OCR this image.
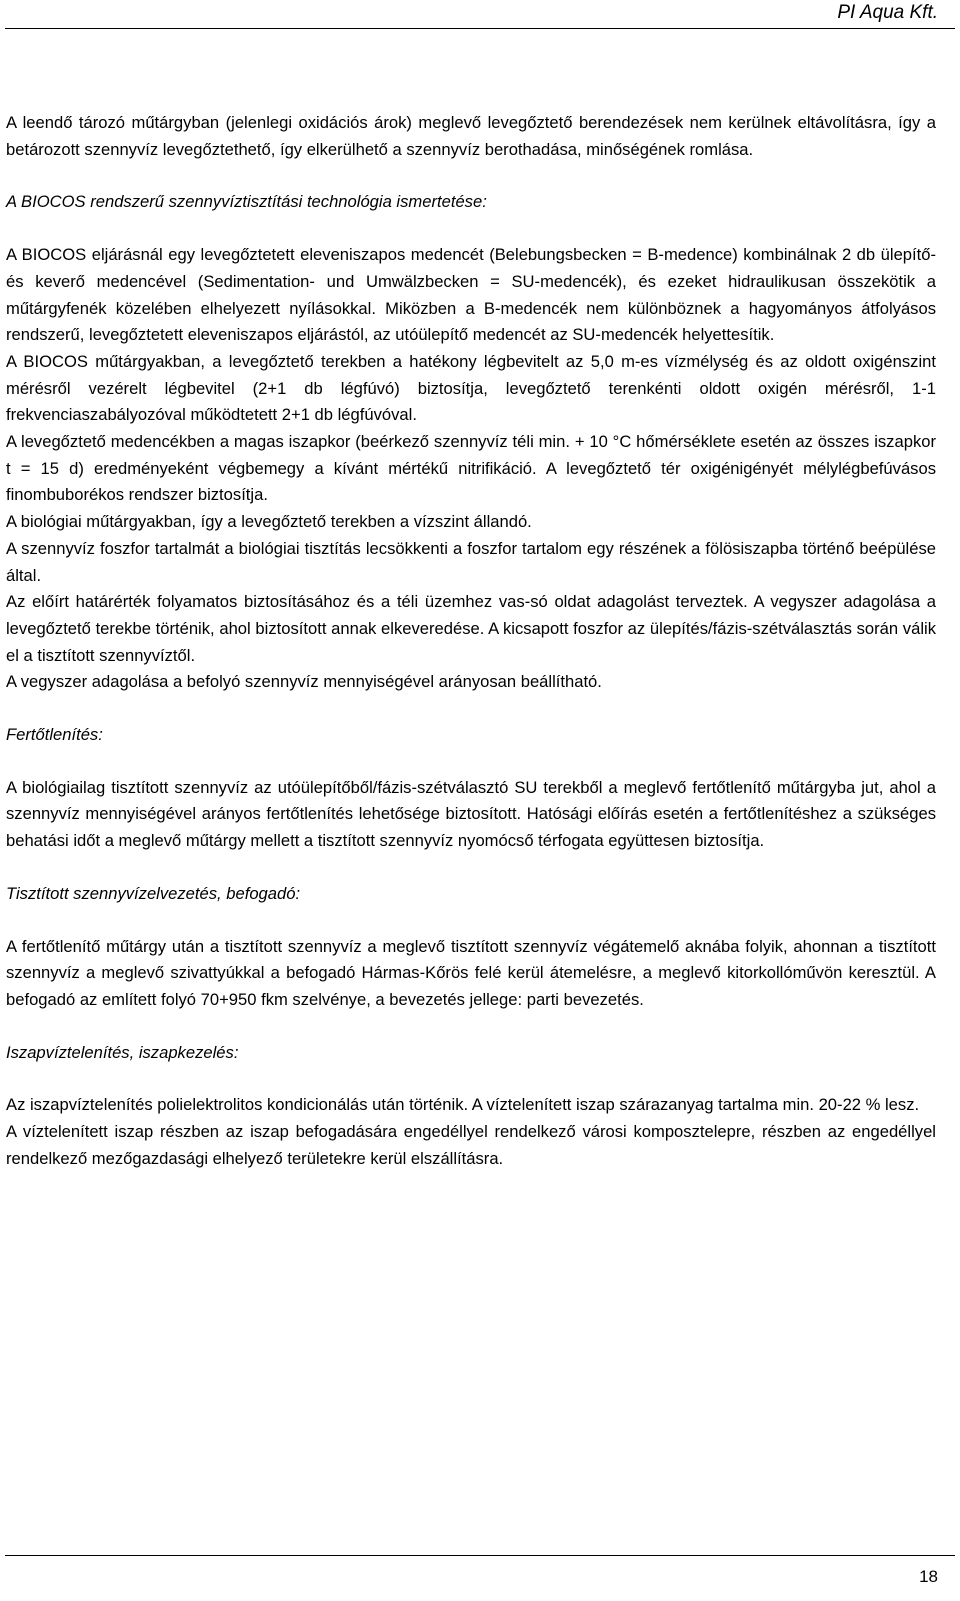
PI Aqua Kft.

A leendő tározó műtárgyban (jelenlegi oxidációs árok) meglevő levegőztető berendezések nem kerülnek eltávolításra, így a betározott szennyvíz levegőztethető, így elkerülhető a szennyvíz berothadása, minőségének romlása.

A BIOCOS rendszerű szennyvíztisztítási technológia ismertetése:

A BIOCOS eljárásnál egy levegőztetett eleveniszapos medencét (Belebungsbecken = B-medence) kombinálnak 2 db ülepítő- és keverő medencével (Sedimentation- und Umwälzbecken = SU-medencék), és ezeket hidraulikusan összekötik a műtárgyfenék közelében elhelyezett nyílásokkal. Miközben a B-medencék nem különböznek a hagyományos átfolyásos rendszerű, levegőztetett eleveniszapos eljárástól, az utóülepítő medencét az SU-medencék helyettesítik.

A BIOCOS műtárgyakban, a levegőztető terekben a hatékony légbevitelt az 5,0 m-es vízmélység és az oldott oxigénszint mérésről vezérelt légbevitel (2+1 db légfúvó) biztosítja, levegőztető terenkénti oldott oxigén mérésről, 1-1 frekvenciaszabályozóval működtetett 2+1 db légfúvóval.

A levegőztető medencékben a magas iszapkor (beérkező szennyvíz téli min. + 10 °C hőmérséklete esetén az összes iszapkor t = 15 d) eredményeként végbemegy a kívánt mértékű nitrifikáció. A levegőztető tér oxigénigényét mélylégbefúvásos finombuborékos rendszer biztosítja.

A biológiai műtárgyakban, így a levegőztető terekben a vízszint állandó.

A szennyvíz foszfor tartalmát a biológiai tisztítás lecsökkenti a foszfor tartalom egy részének a fölösiszapba történő beépülése által.

Az előírt határérték folyamatos biztosításához és a téli üzemhez vas-só oldat adagolást terveztek. A vegyszer adagolása a levegőztető terekbe történik, ahol biztosított annak elkeveredése. A kicsapott foszfor az ülepítés/fázis-szétválasztás során válik el a tisztított szennyvíztől.

A vegyszer adagolása a befolyó szennyvíz mennyiségével arányosan beállítható.

Fertőtlenítés:

A biológiailag tisztított szennyvíz az utóülepítőből/fázis-szétválasztó SU terekből a meglevő fertőtlenítő műtárgyba jut, ahol a szennyvíz mennyiségével arányos fertőtlenítés lehetősége biztosított. Hatósági előírás esetén a fertőtlenítéshez a szükséges behatási időt a meglevő műtárgy mellett a tisztított szennyvíz nyomócső térfogata együttesen biztosítja.

Tisztított szennyvízelvezetés, befogadó:

A fertőtlenítő műtárgy után a tisztított szennyvíz a meglevő tisztított szennyvíz végátemelő aknába folyik, ahonnan a tisztított szennyvíz a meglevő szivattyúkkal a befogadó Hármas-Kőrös felé kerül átemelésre, a meglevő kitorkollóművön keresztül. A befogadó az említett folyó 70+950 fkm szelvénye, a bevezetés jellege: parti bevezetés.

Iszapvíztelenítés, iszapkezelés:

Az iszapvíztelenítés polielektrolitos kondicionálás után történik. A víztelenített iszap szárazanyag tartalma min. 20-22 % lesz.

A víztelenített iszap részben az iszap befogadására engedéllyel rendelkező városi komposztelepre, részben az engedéllyel rendelkező mezőgazdasági elhelyező területekre kerül elszállításra.

18
